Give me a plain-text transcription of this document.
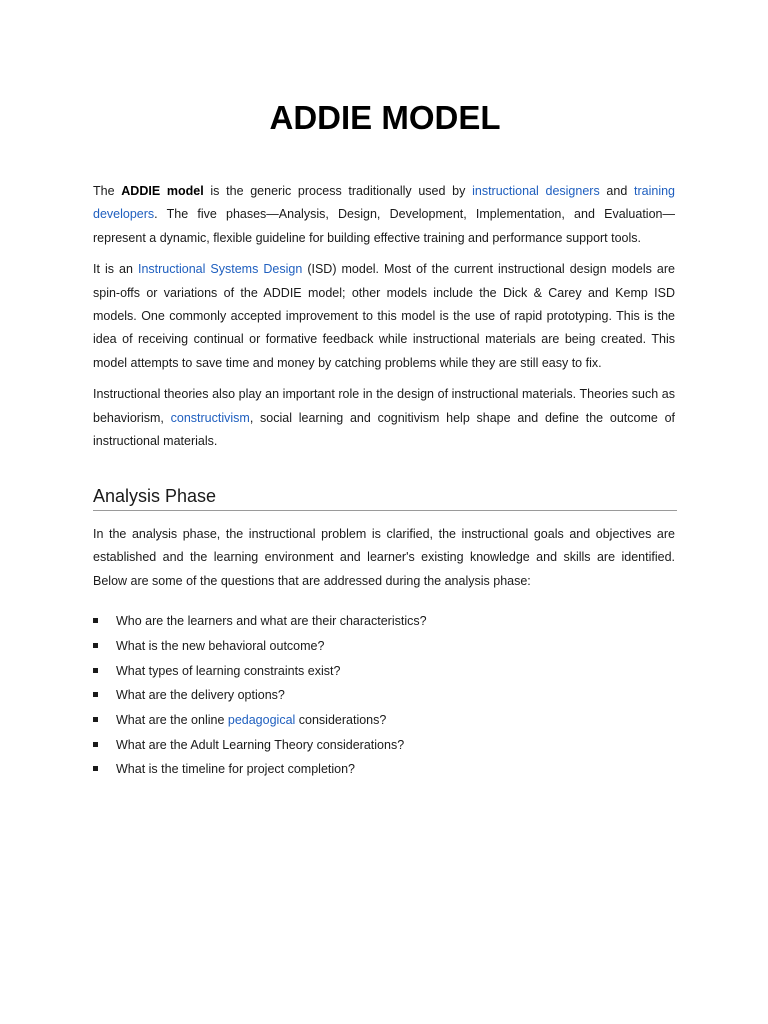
ADDIE MODEL

The ADDIE model is the generic process traditionally used by instructional designers and training developers. The five phases—Analysis, Design, Development, Implementation, and Evaluation—represent a dynamic, flexible guideline for building effective training and performance support tools.

It is an Instructional Systems Design (ISD) model. Most of the current instructional design models are spin-offs or variations of the ADDIE model; other models include the Dick & Carey and Kemp ISD models. One commonly accepted improvement to this model is the use of rapid prototyping. This is the idea of receiving continual or formative feedback while instructional materials are being created. This model attempts to save time and money by catching problems while they are still easy to fix.

Instructional theories also play an important role in the design of instructional materials. Theories such as behaviorism, constructivism, social learning and cognitivism help shape and define the outcome of instructional materials.

Analysis Phase

In the analysis phase, the instructional problem is clarified, the instructional goals and objectives are established and the learning environment and learner's existing knowledge and skills are identified. Below are some of the questions that are addressed during the analysis phase:

Who are the learners and what are their characteristics?
What is the new behavioral outcome?
What types of learning constraints exist?
What are the delivery options?
What are the online pedagogical considerations?
What are the Adult Learning Theory considerations?
What is the timeline for project completion?
